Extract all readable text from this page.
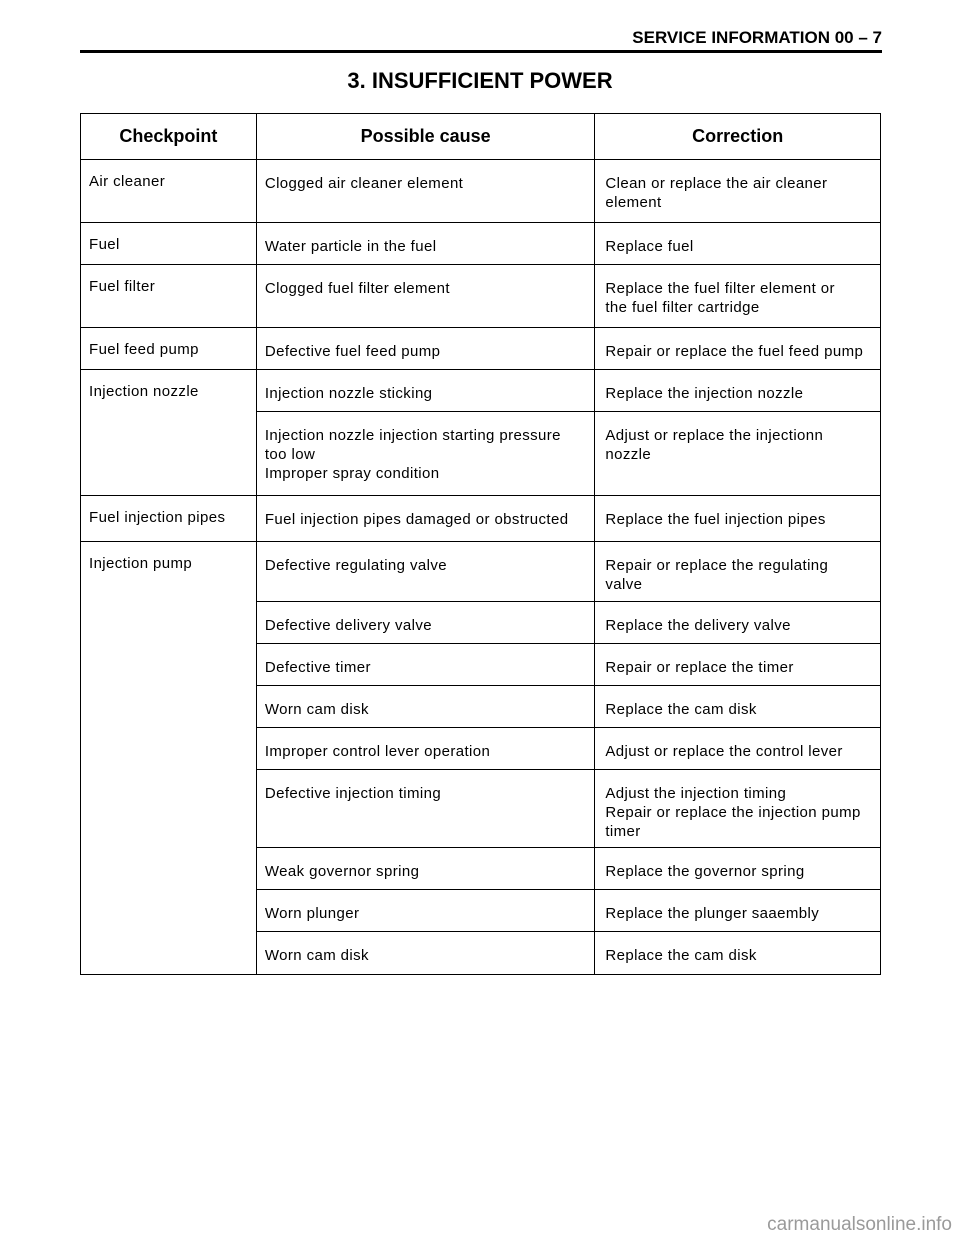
SERVICE INFORMATION 00 – 7
3. INSUFFICIENT POWER
Checkpoint	Possible cause	Correction

Air cleaner	Clogged air cleaner element	Clean or replace the air cleaner
element

Fuel	Water particle in the fuel	Replace fuel

Fuel filter	Clogged fuel filter element	Replace the fuel filter element or
the fuel filter cartridge

Fuel feed pump	Defective fuel feed pump	Repair or replace the fuel feed pump

Injection nozzle	Injection nozzle sticking	Replace the injection nozzle

	Injection nozzle injection starting pressure
too low
Improper spray condition	Adjust or replace the injectionn
nozzle

Fuel injection pipes	Fuel injection pipes damaged or obstructed	Replace the fuel injection pipes

Injection pump	Defective regulating valve	Repair or replace the regulating
valve

	Defective delivery valve	Replace the delivery valve

	Defective timer	Repair or replace the timer

	Worn cam disk	Replace the cam disk

	Improper control lever operation	Adjust or replace the control lever

	Defective injection timing	Adjust the injection timing
Repair or replace the injection pump
timer

	Weak governor spring	Replace the governor spring

	Worn plunger	Replace the plunger saaembly

	Worn cam disk	Replace the cam disk
carmanualsonline.info
